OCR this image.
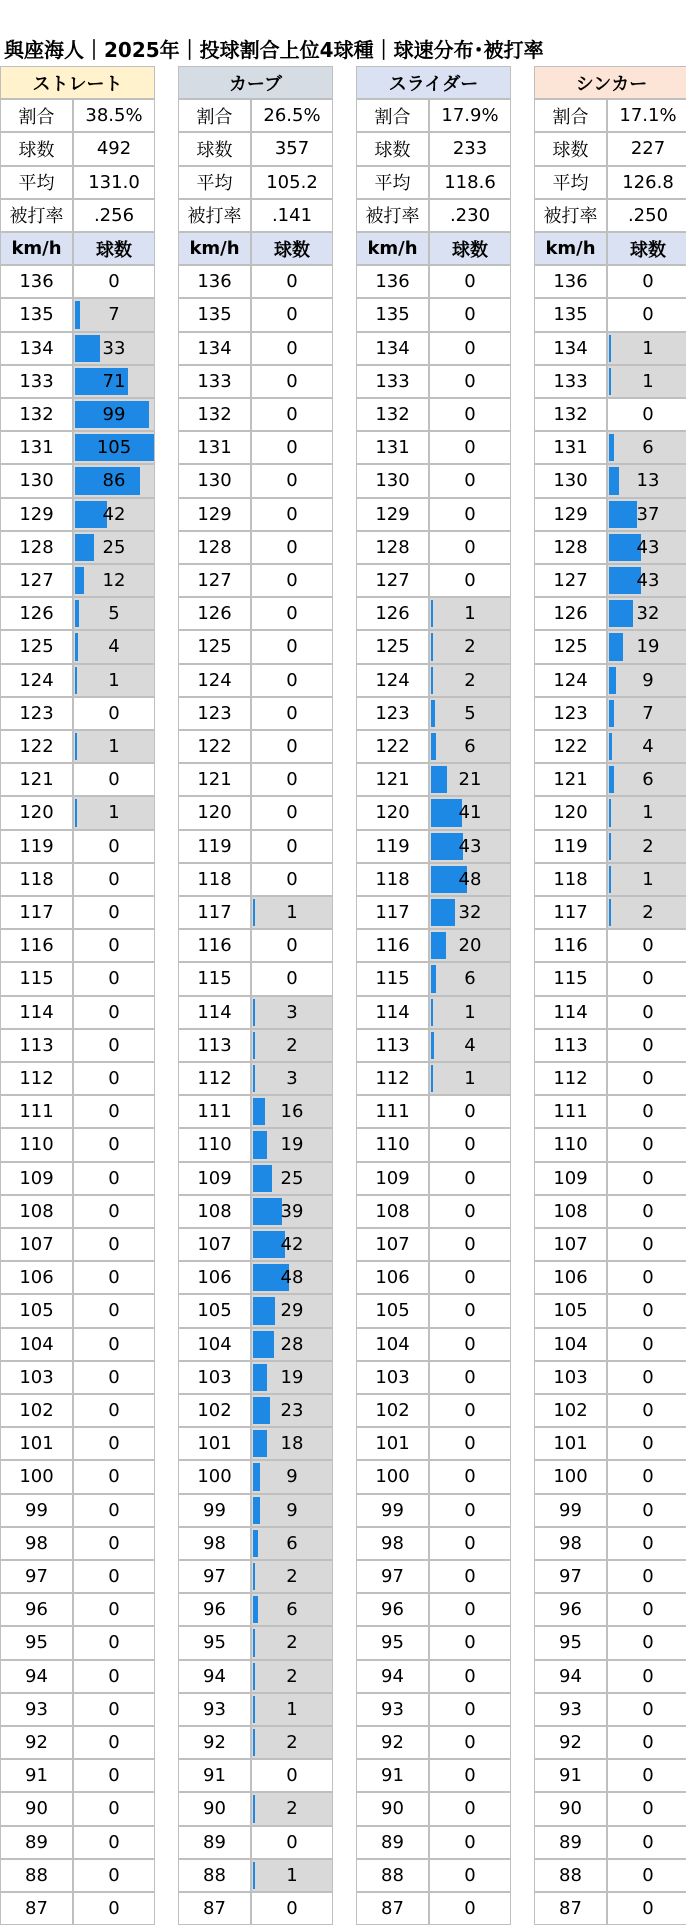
與座海人｜2025年｜投球割合上位4球種｜球速分布･被打率
ストレート
割合	38.5%
球数	492
平均	131.0
被打率	.256
km/h	球数
136	0
135	7
134	33
133	71
132	99
131	105
130	86
129	42
128	25
127	12
126	5
125	4
124	1
123	0
122	1
121	0
120	1
119	0
118	0
117	0
116	0
115	0
114	0
113	0
112	0
111	0
110	0
109	0
108	0
107	0
106	0
105	0
104	0
103	0
102	0
101	0
100	0
99	0
98	0
97	0
96	0
95	0
94	0
93	0
92	0
91	0
90	0
89	0
88	0
87	0
カーブ
割合	26.5%
球数	357
平均	105.2
被打率	.141
km/h	球数
136	0
135	0
134	0
133	0
132	0
131	0
130	0
129	0
128	0
127	0
126	0
125	0
124	0
123	0
122	0
121	0
120	0
119	0
118	0
117	1
116	0
115	0
114	3
113	2
112	3
111	16
110	19
109	25
108	39
107	42
106	48
105	29
104	28
103	19
102	23
101	18
100	9
99	9
98	6
97	2
96	6
95	2
94	2
93	1
92	2
91	0
90	2
89	0
88	1
87	0
スライダー
割合	17.9%
球数	233
平均	118.6
被打率	.230
km/h	球数
136	0
135	0
134	0
133	0
132	0
131	0
130	0
129	0
128	0
127	0
126	1
125	2
124	2
123	5
122	6
121	21
120	41
119	43
118	48
117	32
116	20
115	6
114	1
113	4
112	1
111	0
110	0
109	0
108	0
107	0
106	0
105	0
104	0
103	0
102	0
101	0
100	0
99	0
98	0
97	0
96	0
95	0
94	0
93	0
92	0
91	0
90	0
89	0
88	0
87	0
シンカー
割合	17.1%
球数	227
平均	126.8
被打率	.250
km/h	球数
136	0
135	0
134	1
133	1
132	0
131	6
130	13
129	37
128	43
127	43
126	32
125	19
124	9
123	7
122	4
121	6
120	1
119	2
118	1
117	2
116	0
115	0
114	0
113	0
112	0
111	0
110	0
109	0
108	0
107	0
106	0
105	0
104	0
103	0
102	0
101	0
100	0
99	0
98	0
97	0
96	0
95	0
94	0
93	0
92	0
91	0
90	0
89	0
88	0
87	0
